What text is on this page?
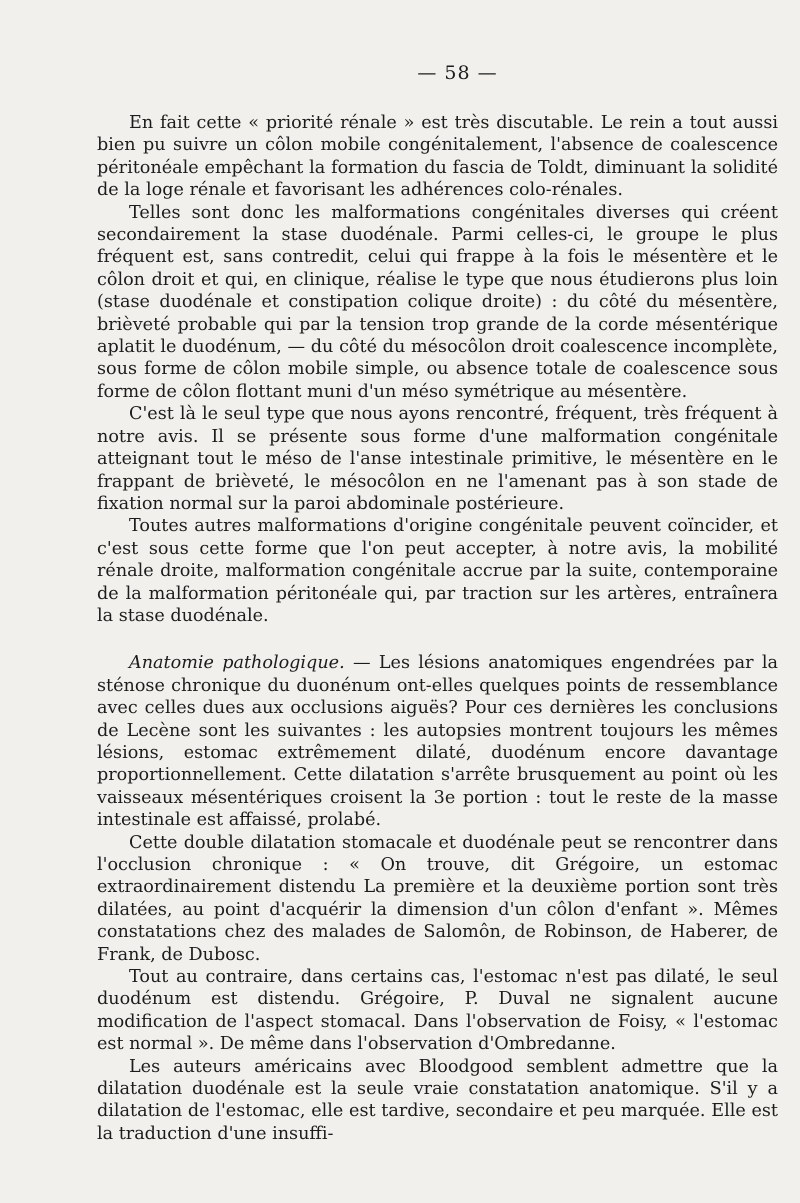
— 58 —

En fait cette « priorité rénale » est très discutable. Le rein a tout aussi bien pu suivre un côlon mobile congénitalement, l'absence de coalescence péritonéale empêchant la formation du fascia de Toldt, diminuant la solidité de la loge rénale et favorisant les adhérences colo-rénales.

Telles sont donc les malformations congénitales diverses qui créent secondairement la stase duodénale. Parmi celles-ci, le groupe le plus fréquent est, sans contredit, celui qui frappe à la fois le mésentère et le côlon droit et qui, en clinique, réalise le type que nous étudierons plus loin (stase duodénale et constipation colique droite) : du côté du mésentère, brièveté probable qui par la tension trop grande de la corde mésentérique aplatit le duodénum, — du côté du mésocôlon droit coalescence incomplète, sous forme de côlon mobile simple, ou absence totale de coalescence sous forme de côlon flottant muni d'un méso symétrique au mésentère.

C'est là le seul type que nous ayons rencontré, fréquent, très fréquent à notre avis. Il se présente sous forme d'une malformation congénitale atteignant tout le méso de l'anse intestinale primitive, le mésentère en le frappant de brièveté, le mésocôlon en ne l'amenant pas à son stade de fixation normal sur la paroi abdominale postérieure.

Toutes autres malformations d'origine congénitale peuvent coïncider, et c'est sous cette forme que l'on peut accepter, à notre avis, la mobilité rénale droite, malformation congénitale accrue par la suite, contemporaine de la malformation péritonéale qui, par traction sur les artères, entraînera la stase duodénale.

Anatomie pathologique. — Les lésions anatomiques engendrées par la sténose chronique du duonénum ont-elles quelques points de ressemblance avec celles dues aux occlusions aiguës? Pour ces dernières les conclusions de Lecène sont les suivantes : les autopsies montrent toujours les mêmes lésions, estomac extrêmement dilaté, duodénum encore davantage proportionnellement. Cette dilatation s'arrête brusquement au point où les vaisseaux mésentériques croisent la 3e portion : tout le reste de la masse intestinale est affaissé, prolabé.

Cette double dilatation stomacale et duodénale peut se rencontrer dans l'occlusion chronique : « On trouve, dit Grégoire, un estomac extraordinairement distendu La première et la deuxième portion sont très dilatées, au point d'acquérir la dimension d'un côlon d'enfant ». Mêmes constatations chez des malades de Salomôn, de Robinson, de Haberer, de Frank, de Dubosc.

Tout au contraire, dans certains cas, l'estomac n'est pas dilaté, le seul duodénum est distendu. Grégoire, P. Duval ne signalent aucune modification de l'aspect stomacal. Dans l'observation de Foisy, « l'estomac est normal ». De même dans l'observation d'Ombredanne.

Les auteurs américains avec Bloodgood semblent admettre que la dilatation duodénale est la seule vraie constatation anatomique. S'il y a dilatation de l'estomac, elle est tardive, secondaire et peu marquée. Elle est la traduction d'une insuffi-
